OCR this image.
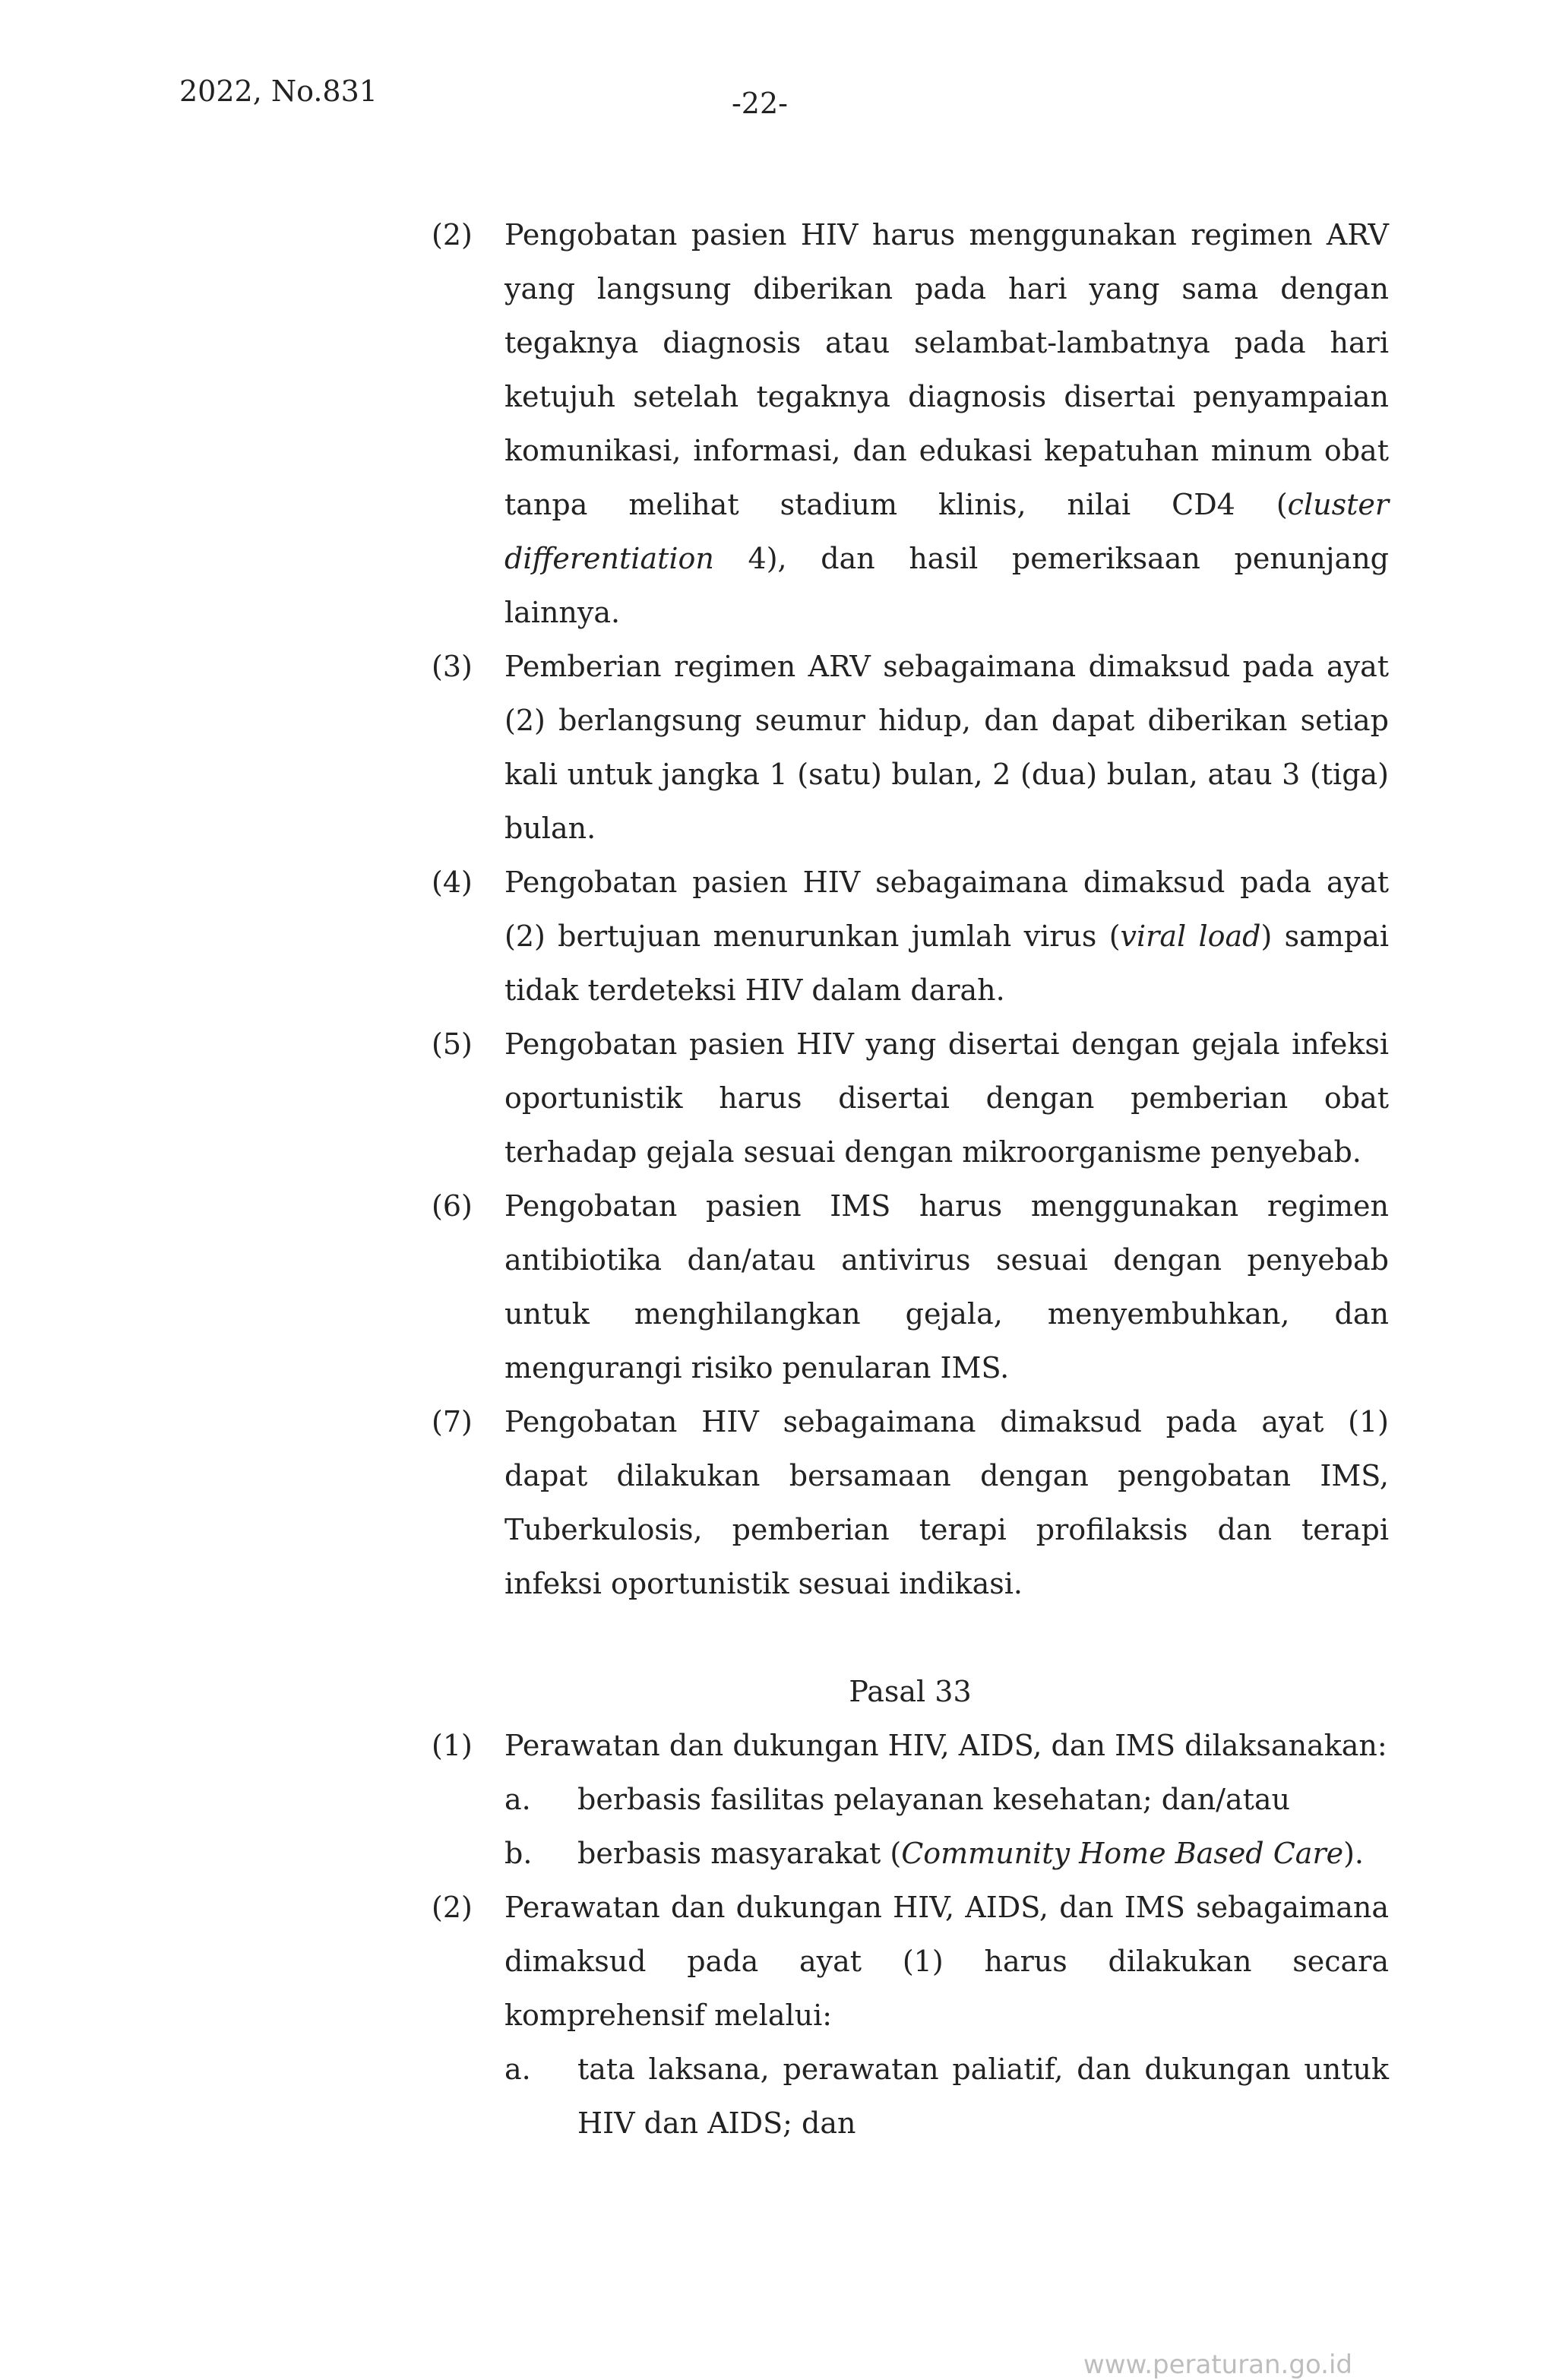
2022, No.831	-22-
(2) Pengobatan pasien HIV harus menggunakan regimen ARV yang langsung diberikan pada hari yang sama dengan tegaknya diagnosis atau selambat-lambatnya pada hari ketujuh setelah tegaknya diagnosis disertai penyampaian komunikasi, informasi, dan edukasi kepatuhan minum obat tanpa melihat stadium klinis, nilai CD4 (cluster differentiation 4), dan hasil pemeriksaan penunjang lainnya.
(3) Pemberian regimen ARV sebagaimana dimaksud pada ayat (2) berlangsung seumur hidup, dan dapat diberikan setiap kali untuk jangka 1 (satu) bulan, 2 (dua) bulan, atau 3 (tiga) bulan.
(4) Pengobatan pasien HIV sebagaimana dimaksud pada ayat (2) bertujuan menurunkan jumlah virus (viral load) sampai tidak terdeteksi HIV dalam darah.
(5) Pengobatan pasien HIV yang disertai dengan gejala infeksi oportunistik harus disertai dengan pemberian obat terhadap gejala sesuai dengan mikroorganisme penyebab.
(6) Pengobatan pasien IMS harus menggunakan regimen antibiotika dan/atau antivirus sesuai dengan penyebab untuk menghilangkan gejala, menyembuhkan, dan mengurangi risiko penularan IMS.
(7) Pengobatan HIV sebagaimana dimaksud pada ayat (1) dapat dilakukan bersamaan dengan pengobatan IMS, Tuberkulosis, pemberian terapi profilaksis dan terapi infeksi oportunistik sesuai indikasi.
Pasal 33
(1) Perawatan dan dukungan HIV, AIDS, dan IMS dilaksanakan:
a. berbasis fasilitas pelayanan kesehatan; dan/atau
b. berbasis masyarakat (Community Home Based Care).
(2) Perawatan dan dukungan HIV, AIDS, dan IMS sebagaimana dimaksud pada ayat (1) harus dilakukan secara komprehensif melalui:
a. tata laksana, perawatan paliatif, dan dukungan untuk HIV dan AIDS; dan
www.peraturan.go.id
